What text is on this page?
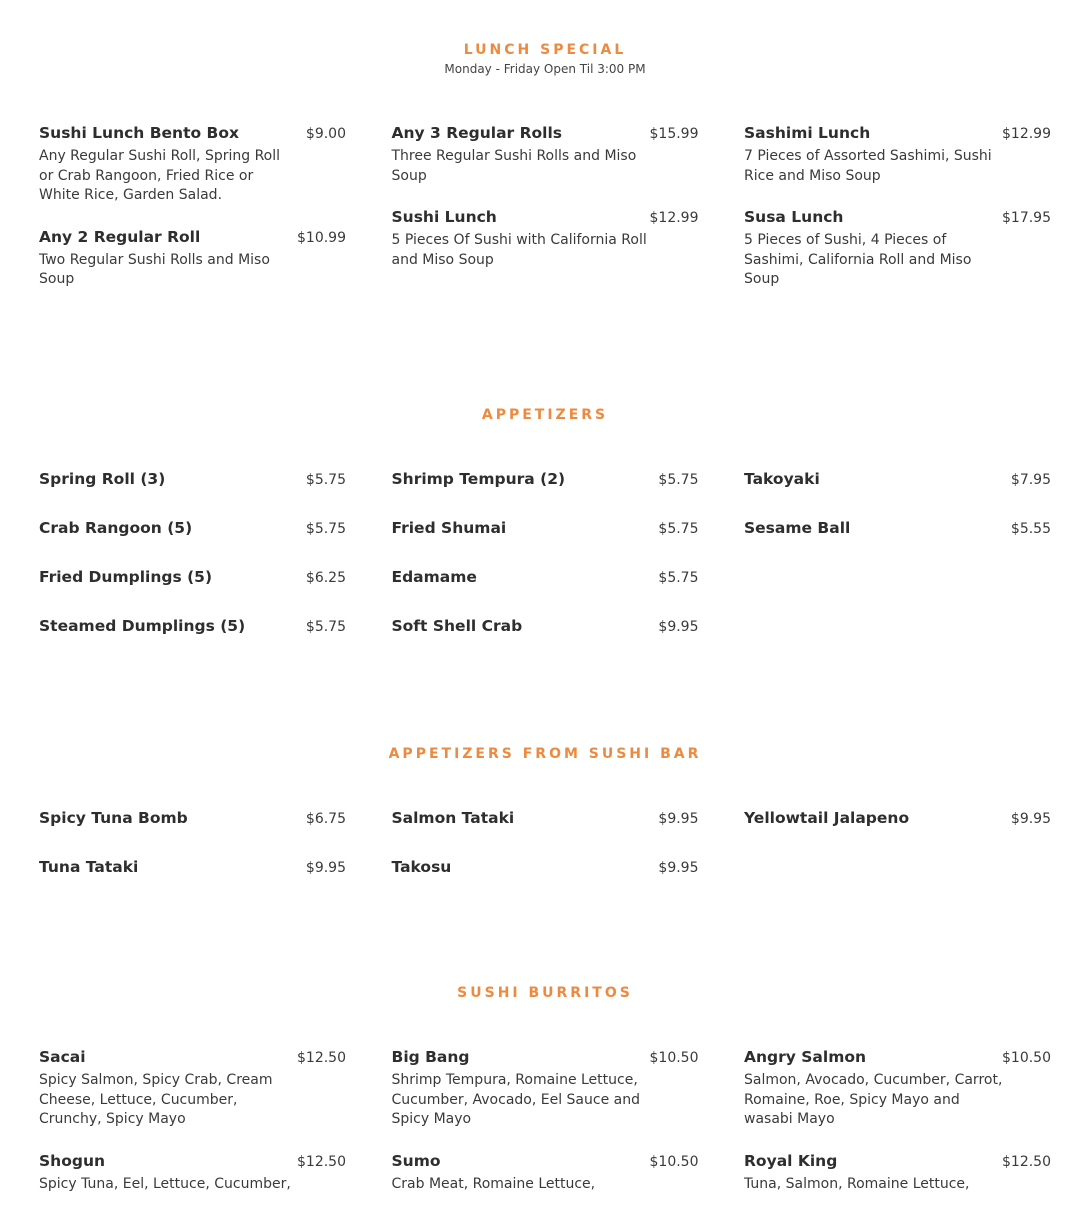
LUNCH SPECIAL
Monday - Friday Open Til 3:00 PM
Sushi Lunch Bento Box	$9.00
Any Regular Sushi Roll, Spring Roll or Crab Rangoon, Fried Rice or White Rice, Garden Salad.
Any 2 Regular Roll	$10.99
Two Regular Sushi Rolls and Miso Soup
Any 3 Regular Rolls	$15.99
Three Regular Sushi Rolls and Miso Soup
Sushi Lunch	$12.99
5 Pieces Of Sushi with California Roll and Miso Soup
Sashimi Lunch	$12.99
7 Pieces of Assorted Sashimi, Sushi Rice and Miso Soup
Susa Lunch	$17.95
5 Pieces of Sushi, 4 Pieces of Sashimi, California Roll and Miso Soup
APPETIZERS
Spring Roll (3)	$5.75
Crab Rangoon (5)	$5.75
Fried Dumplings (5)	$6.25
Steamed Dumplings (5)	$5.75
Shrimp Tempura (2)	$5.75
Fried Shumai	$5.75
Edamame	$5.75
Soft Shell Crab	$9.95
Takoyaki	$7.95
Sesame Ball	$5.55
APPETIZERS FROM SUSHI BAR
Spicy Tuna Bomb	$6.75
Tuna Tataki	$9.95
Salmon Tataki	$9.95
Takosu	$9.95
Yellowtail Jalapeno	$9.95
SUSHI BURRITOS
Sacai	$12.50
Spicy Salmon, Spicy Crab, Cream Cheese, Lettuce, Cucumber, Crunchy, Spicy Mayo
Shogun	$12.50
Spicy Tuna, Eel, Lettuce, Cucumber,
Big Bang	$10.50
Shrimp Tempura, Romaine Lettuce, Cucumber, Avocado, Eel Sauce and Spicy Mayo
Sumo	$10.50
Crab Meat, Romaine Lettuce,
Angry Salmon	$10.50
Salmon, Avocado, Cucumber, Carrot, Romaine, Roe, Spicy Mayo and wasabi Mayo
Royal King	$12.50
Tuna, Salmon, Romaine Lettuce,
